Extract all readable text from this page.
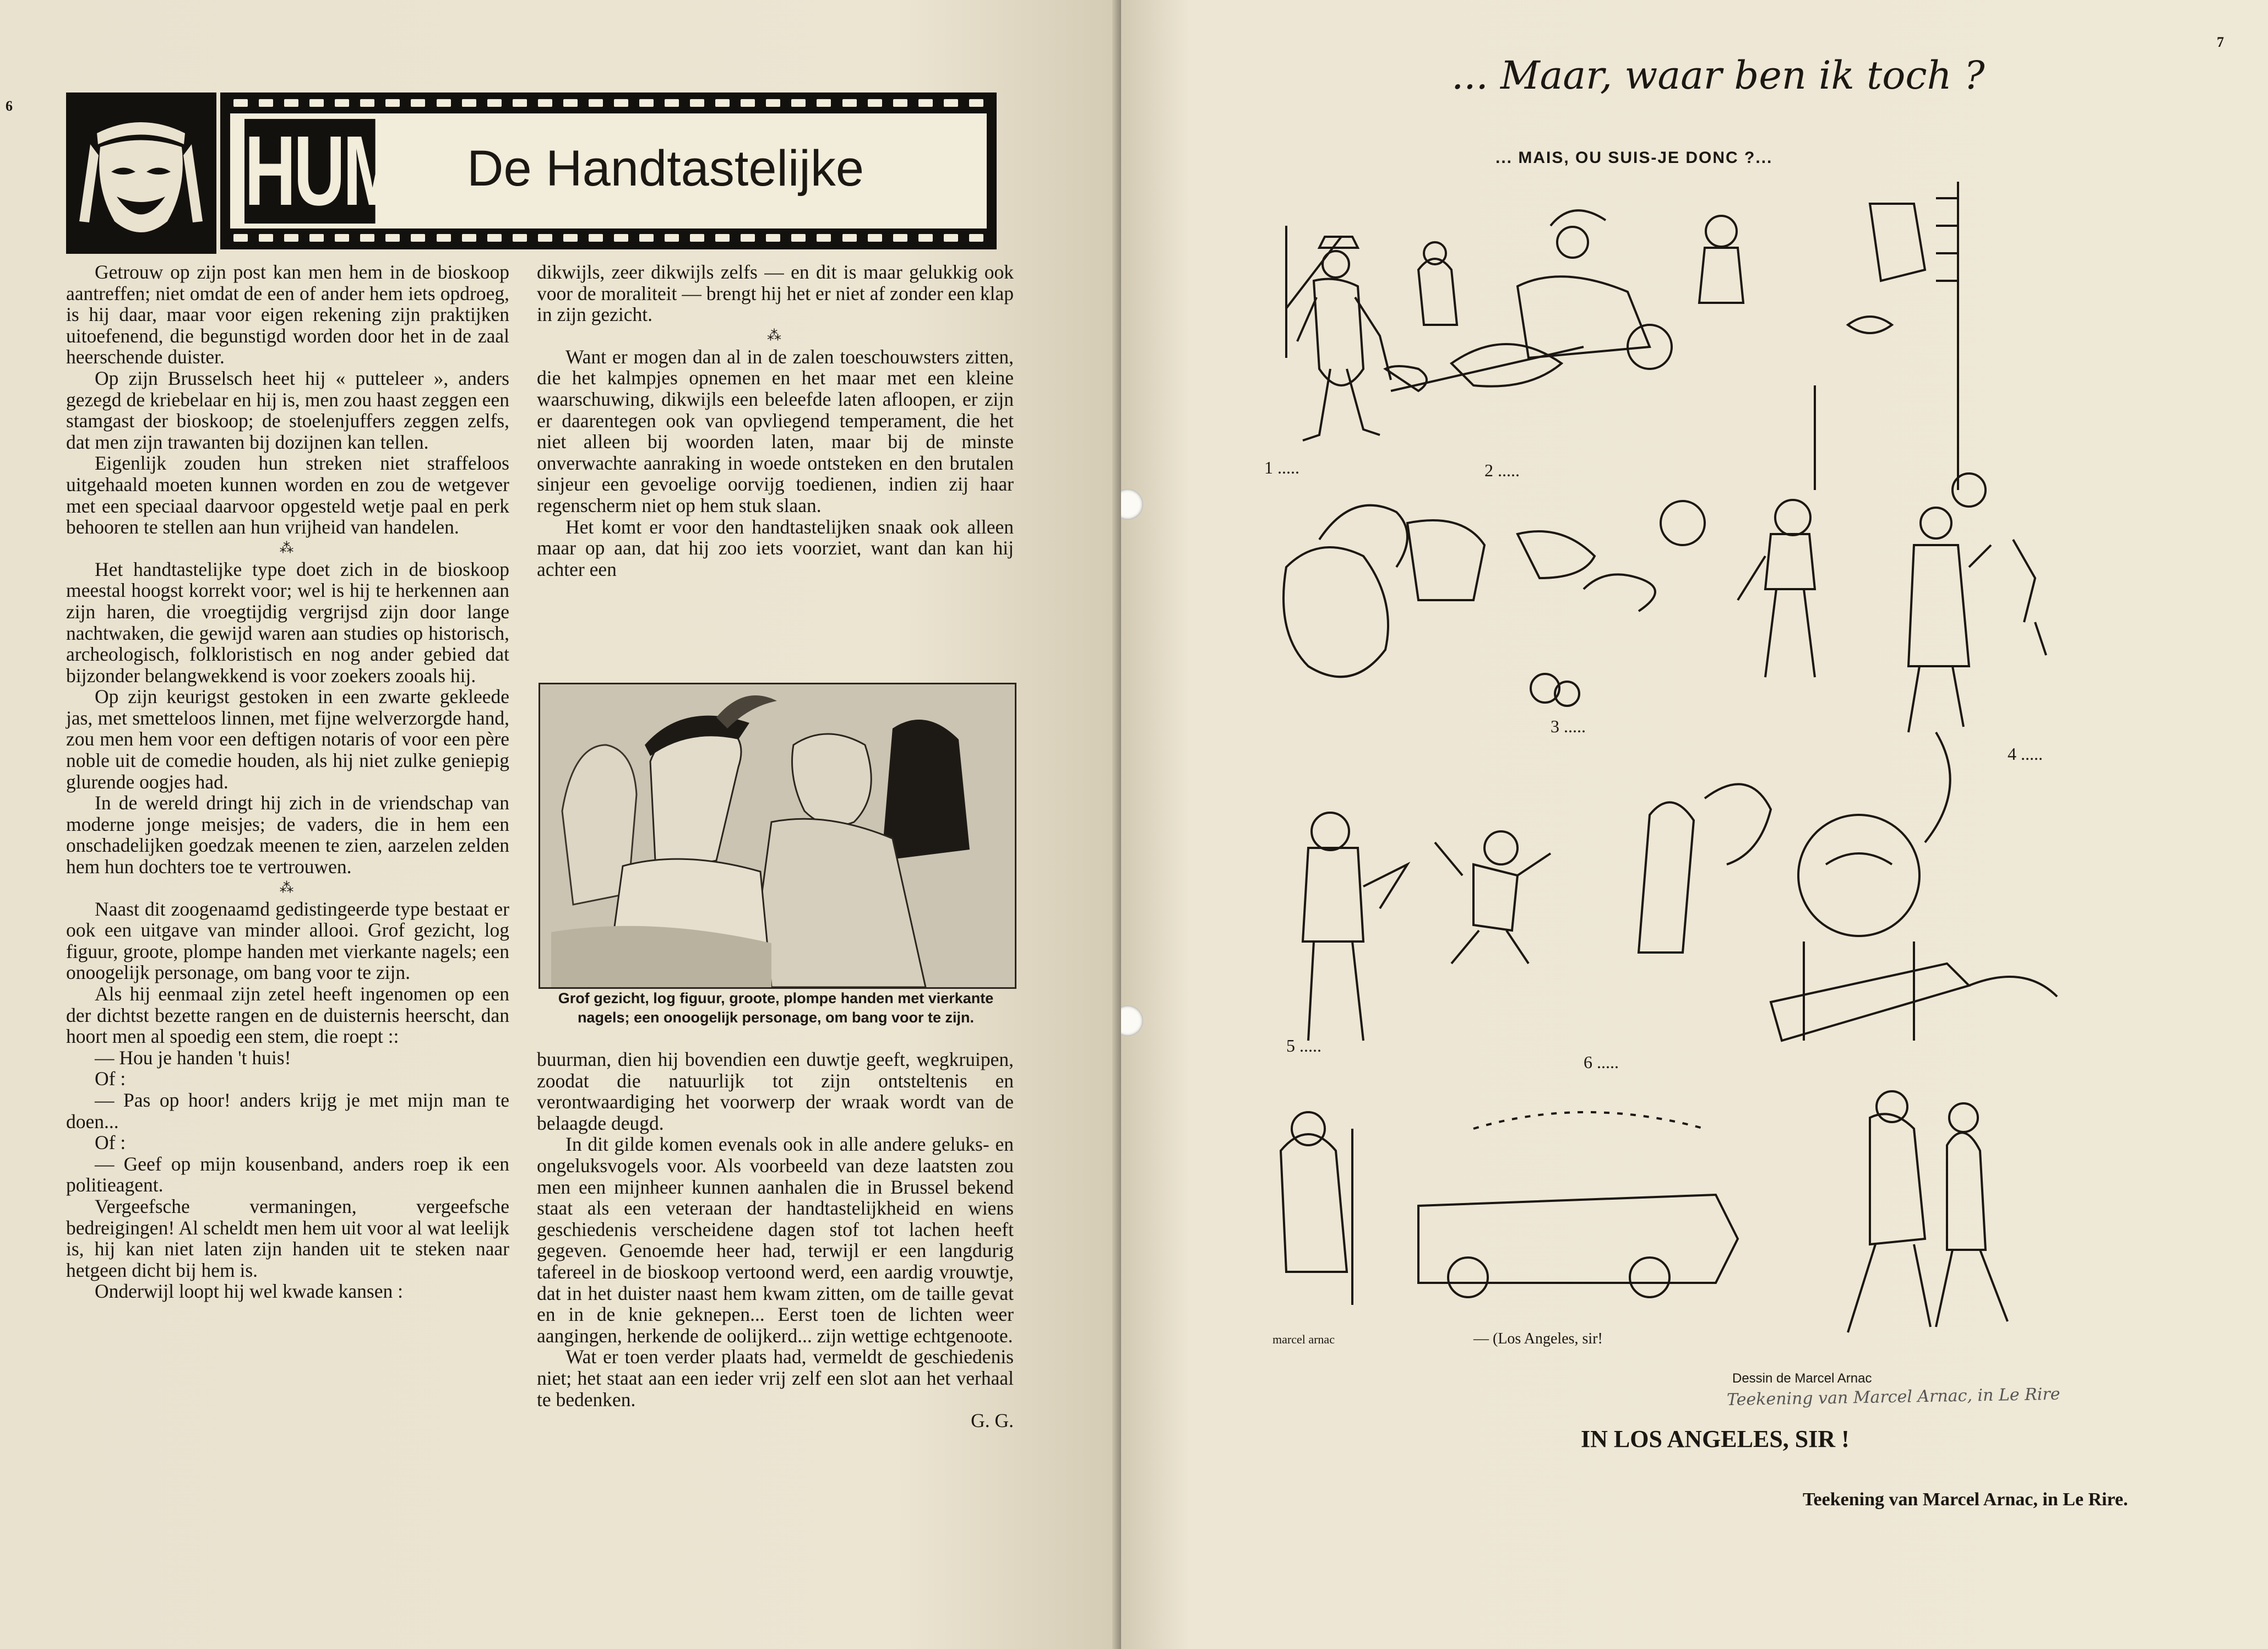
6
HUMOR
De Handtastelijke

Getrouw op zijn post kan men hem in de bioskoop aantreffen; niet omdat de een of ander hem iets opdroeg, is hij daar, maar voor eigen rekening zijn praktijken uitoefenend, die begunstigd worden door het in de zaal heerschende duister.

Op zijn Brusselsch heet hij « putteleer », anders gezegd de kriebelaar en hij is, men zou haast zeggen een stamgast der bioskoop; de stoelenjuffers zeggen zelfs, dat men zijn trawanten bij dozijnen kan tellen.

Eigenlijk zouden hun streken niet straffeloos uitgehaald moeten kunnen worden en zou de wetgever met een speciaal daarvoor opgesteld wetje paal en perk behooren te stellen aan hun vrijheid van handelen.

⁂

Het handtastelijke type doet zich in de bioskoop meestal hoogst korrekt voor; wel is hij te herkennen aan zijn haren, die vroegtijdig vergrijsd zijn door lange nachtwaken, die gewijd waren aan studies op historisch, archeologisch, folkloristisch en nog ander gebied dat bijzonder belangwekkend is voor zoekers zooals hij.

Op zijn keurigst gestoken in een zwarte gekleede jas, met smetteloos linnen, met fijne welverzorgde hand, zou men hem voor een deftigen notaris of voor een père noble uit de comedie houden, als hij niet zulke geniepig glurende oogjes had.

In de wereld dringt hij zich in de vriendschap van moderne jonge meisjes; de vaders, die in hem een onschadelijken goedzak meenen te zien, aarzelen zelden hem hun dochters toe te vertrouwen.

⁂

Naast dit zoogenaamd gedistingeerde type bestaat er ook een uitgave van minder allooi. Grof gezicht, log figuur, groote, plompe handen met vierkante nagels; een onoogelijk personage, om bang voor te zijn.

Als hij eenmaal zijn zetel heeft ingenomen op een der dichtst bezette rangen en de duisternis heerscht, dan hoort men al spoedig een stem, die roept ::

— Hou je handen 't huis!

Of :

— Pas op hoor! anders krijg je met mijn man te doen...

Of :

— Geef op mijn kousenband, anders roep ik een politieagent.

Vergeefsche vermaningen, vergeefsche bedreigingen! Al scheldt men hem uit voor al wat leelijk is, hij kan niet laten zijn handen uit te steken naar hetgeen dicht bij hem is.

Onderwijl loopt hij wel kwade kansen :

dikwijls, zeer dikwijls zelfs — en dit is maar gelukkig ook voor de moraliteit — brengt hij het er niet af zonder een klap in zijn gezicht.

⁂

Want er mogen dan al in de zalen toeschouwsters zitten, die het kalmpjes opnemen en het maar met een kleine waarschuwing, dikwijls een beleefde laten afloopen, er zijn er daarentegen ook van opvliegend temperament, die het niet alleen bij woorden laten, maar bij de minste onverwachte aanraking in woede ontsteken en den brutalen sinjeur een gevoelige oorvijg toedienen, indien zij haar regenscherm niet op hem stuk slaan.

Het komt er voor den handtastelijken snaak ook alleen maar op aan, dat hij zoo iets voorziet, want dan kan hij achter een

Grof gezicht, log figuur, groote, plompe handen met vierkante nagels; een onoogelijk personage, om bang voor te zijn.

buurman, dien hij bovendien een duwtje geeft, wegkruipen, zoodat die natuurlijk tot zijn ontsteltenis en verontwaardiging het voorwerp der wraak wordt van de belaagde deugd.

In dit gilde komen evenals ook in alle andere geluks- en ongeluksvogels voor. Als voorbeeld van deze laatsten zou men een mijnheer kunnen aanhalen die in Brussel bekend staat als een veteraan der handtastelijkheid en wiens geschiedenis verscheidene dagen stof tot lachen heeft gegeven. Genoemde heer had, terwijl er een langdurig tafereel in de bioskoop vertoond werd, een aardig vrouwtje, dat in het duister naast hem kwam zitten, om de taille gevat en in de knie geknepen... Eerst toen de lichten weer aangingen, herkende de oolijkerd... zijn wettige echtgenoote.

Wat er toen verder plaats had, vermeldt de geschiedenis niet; het staat aan een ieder vrij zelf een slot aan het verhaal te bedenken.

G. G.
7
... Maar, waar ben ik toch ?
... MAIS, OU SUIS-JE DONC ?...
1 .....	2 .....
3 .....
4 .....
5 .....
6 .....
— (Los Angeles, sir!
marcel arnac
Dessin de Marcel Arnac
Teekening van Marcel Arnac, in Le Rire
IN LOS ANGELES, SIR !
Teekening van Marcel Arnac, in Le Rire.
